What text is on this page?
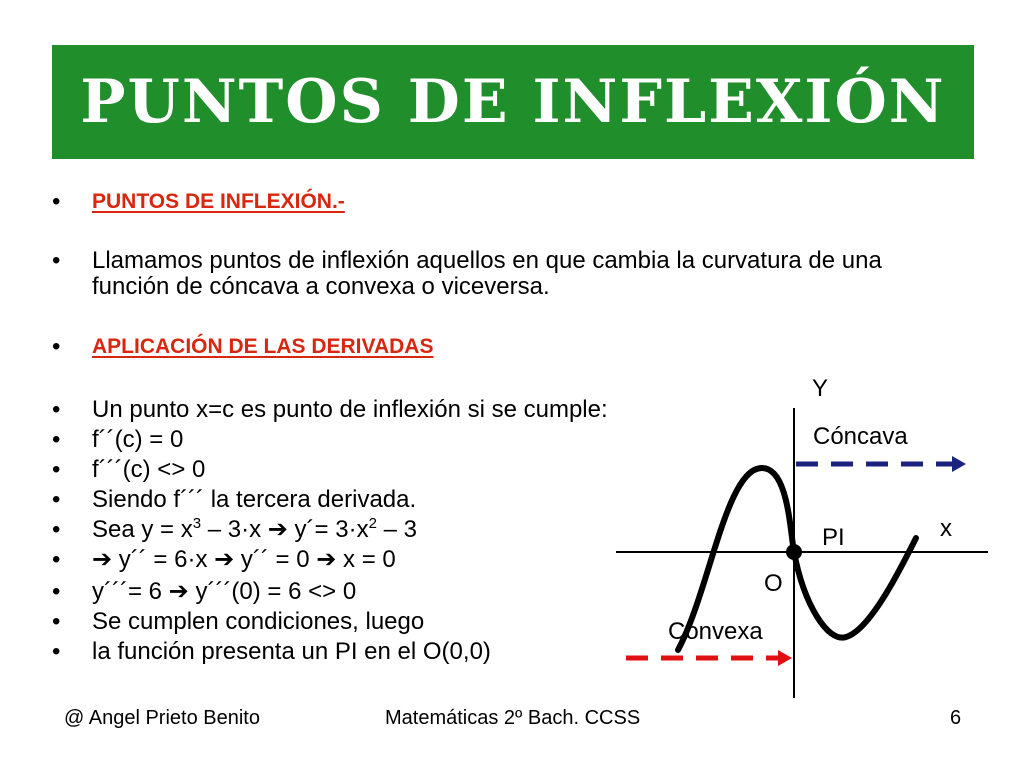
PUNTOS DE INFLEXIÓN
• PUNTOS DE INFLEXIÓN.-
• Llamamos puntos de inflexión aquellos en que cambia la curvatura de una
función de cóncava a convexa o viceversa.
• APLICACIÓN DE LAS DERIVADAS
• Un punto x=c es punto de inflexión si se cumple:
• f´´(c) = 0
• f´´´(c) <> 0
• Siendo f´´´ la tercera derivada.
• Sea $y = x^3 - 3\cdot x$ ➔ y´= $3\cdot x^2 - 3$
• ➔ y´´ = 6·x ➔ y´´ = 0 ➔ x = 0
• y´´´= 6 ➔ y´´´(0) = 6 <> 0
• Se cumplen condiciones, luego
• la función presenta un PI en el O(0,0)
Y
Cóncava
x
PI
O
Convexa
@ Angel Prieto Benito	Matemáticas 2º Bach. CCSS	6
